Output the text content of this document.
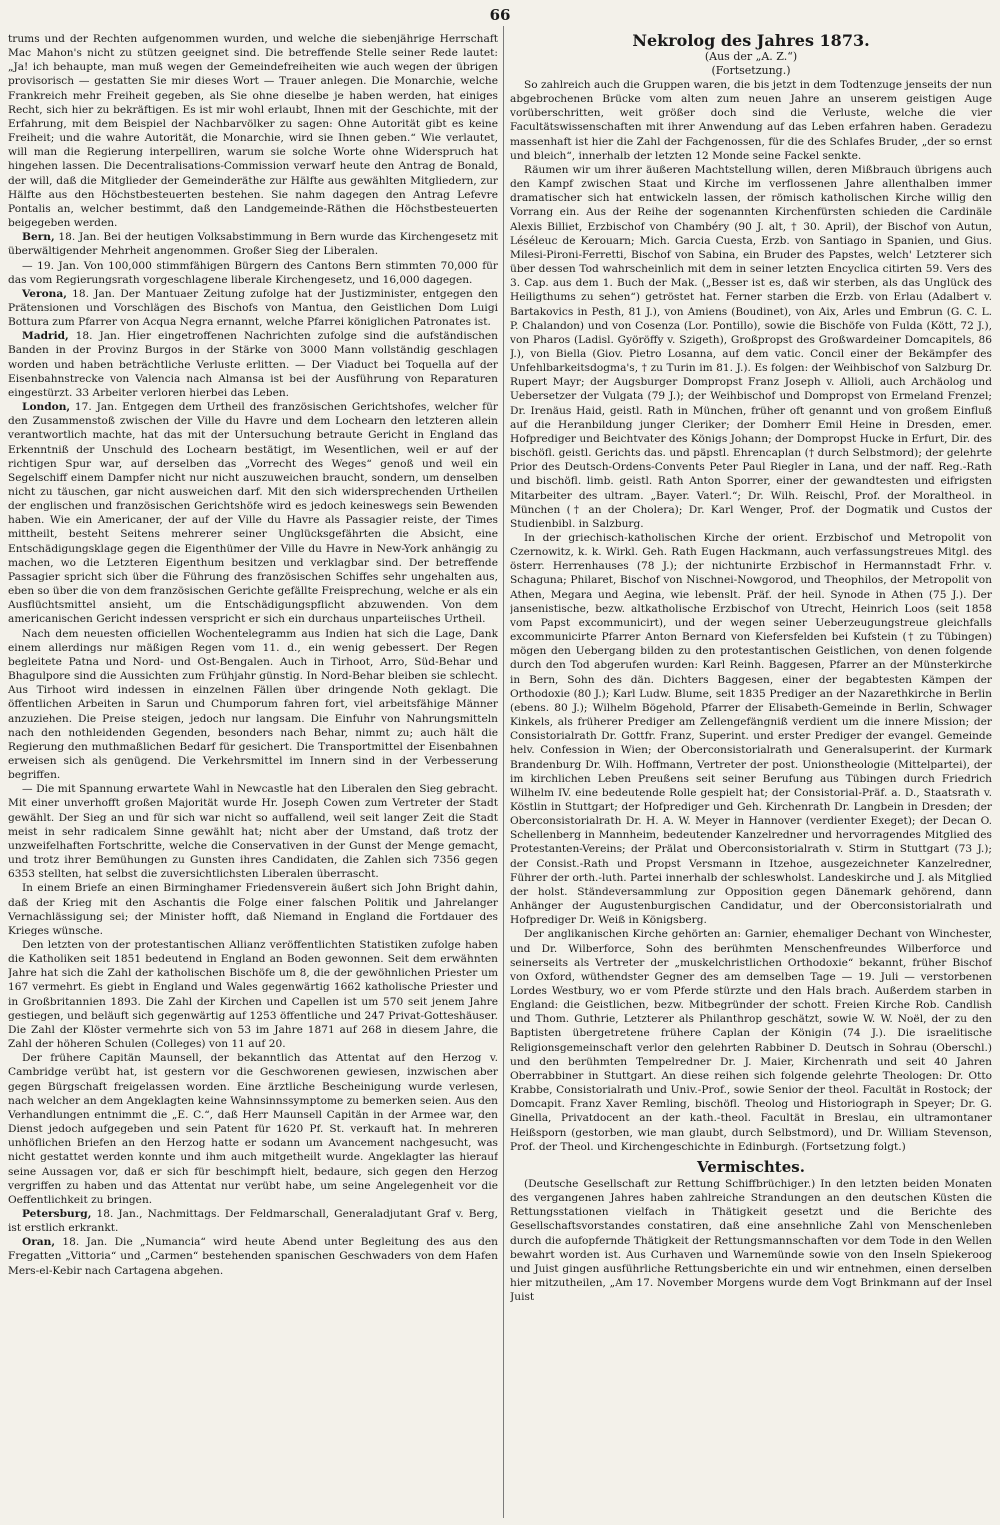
66

trums und der Rechten aufgenommen wurden, und welche die siebenjährige Herrschaft Mac Mahon's nicht zu stützen geeignet sind. Die betreffende Stelle seiner Rede lautet: „Ja! ich behaupte, man muß wegen der Gemeindefreiheiten wie auch wegen der übrigen provisorisch — gestatten Sie mir dieses Wort — Trauer anlegen. Die Monarchie, welche Frankreich mehr Freiheit gegeben, als Sie ohne dieselbe je haben werden, hat einiges Recht, sich hier zu bekräftigen. Es ist mir wohl erlaubt, Ihnen mit der Geschichte, mit der Erfahrung, mit dem Beispiel der Nachbarvölker zu sagen: Ohne Autorität gibt es keine Freiheit; und die wahre Autorität, die Monarchie, wird sie Ihnen geben.“ Wie verlautet, will man die Regierung interpelliren, warum sie solche Worte ohne Widerspruch hat hingehen lassen. Die Decentralisations-Commission verwarf heute den Antrag de Bonald, der will, daß die Mitglieder der Gemeinderäthe zur Hälfte aus gewählten Mitgliedern, zur Hälfte aus den Höchstbesteuerten bestehen. Sie nahm dagegen den Antrag Lefevre Pontalis an, welcher bestimmt, daß den Landgemeinde-Räthen die Höchstbesteuerten beigegeben werden.

Bern, 18. Jan. Bei der heutigen Volksabstimmung in Bern wurde das Kirchengesetz mit überwältigender Mehrheit angenommen. Großer Sieg der Liberalen.

— 19. Jan. Von 100,000 stimmfähigen Bürgern des Cantons Bern stimmten 70,000 für das vom Regierungsrath vorgeschlagene liberale Kirchengesetz, und 16,000 dagegen.

Verona, 18. Jan. Der Mantuaer Zeitung zufolge hat der Justizminister, entgegen den Prätensionen und Vorschlägen des Bischofs von Mantua, den Geistlichen Dom Luigi Bottura zum Pfarrer von Acqua Negra ernannt, welche Pfarrei königlichen Patronates ist.

Madrid, 18. Jan. Hier eingetroffenen Nachrichten zufolge sind die aufständischen Banden in der Provinz Burgos in der Stärke von 3000 Mann vollständig geschlagen worden und haben beträchtliche Verluste erlitten. — Der Viaduct bei Toquella auf der Eisenbahnstrecke von Valencia nach Almansa ist bei der Ausführung von Reparaturen eingestürzt. 33 Arbeiter verloren hierbei das Leben.

London, 17. Jan. Entgegen dem Urtheil des französischen Gerichtshofes, welcher für den Zusammenstoß zwischen der Ville du Havre und dem Lochearn den letzteren allein verantwortlich machte, hat das mit der Untersuchung betraute Gericht in England das Erkenntniß der Unschuld des Lochearn bestätigt, im Wesentlichen, weil er auf der richtigen Spur war, auf derselben das „Vorrecht des Weges“ genoß und weil ein Segelschiff einem Dampfer nicht nur nicht auszuweichen braucht, sondern, um denselben nicht zu täuschen, gar nicht ausweichen darf. Mit den sich widersprechenden Urtheilen der englischen und französischen Gerichtshöfe wird es jedoch keineswegs sein Bewenden haben. Wie ein Americaner, der auf der Ville du Havre als Passagier reiste, der Times mittheilt, besteht Seitens mehrerer seiner Unglücksgefährten die Absicht, eine Entschädigungsklage gegen die Eigenthümer der Ville du Havre in New-York anhängig zu machen, wo die Letzteren Eigenthum besitzen und verklagbar sind. Der betreffende Passagier spricht sich über die Führung des französischen Schiffes sehr ungehalten aus, eben so über die von dem französischen Gerichte gefällte Freisprechung, welche er als ein Ausflüchtsmittel ansieht, um die Entschädigungspflicht abzuwenden. Von dem americanischen Gericht indessen verspricht er sich ein durchaus unparteiisches Urtheil.

Nach dem neuesten officiellen Wochentelegramm aus Indien hat sich die Lage, Dank einem allerdings nur mäßigen Regen vom 11. d., ein wenig gebessert. Der Regen begleitete Patna und Nord- und Ost-Bengalen. Auch in Tirhoot, Arro, Süd-Behar und Bhagulpore sind die Aussichten zum Frühjahr günstig. In Nord-Behar bleiben sie schlecht. Aus Tirhoot wird indessen in einzelnen Fällen über dringende Noth geklagt. Die öffentlichen Arbeiten in Sarun und Chumporum fahren fort, viel arbeitsfähige Männer anzuziehen. Die Preise steigen, jedoch nur langsam. Die Einfuhr von Nahrungsmitteln nach den nothleidenden Gegenden, besonders nach Behar, nimmt zu; auch hält die Regierung den muthmaßlichen Bedarf für gesichert. Die Transportmittel der Eisenbahnen erweisen sich als genügend. Die Verkehrsmittel im Innern sind in der Verbesserung begriffen.

— Die mit Spannung erwartete Wahl in Newcastle hat den Liberalen den Sieg gebracht. Mit einer unverhofft großen Majorität wurde Hr. Joseph Cowen zum Vertreter der Stadt gewählt. Der Sieg an und für sich war nicht so auffallend, weil seit langer Zeit die Stadt meist in sehr radicalem Sinne gewählt hat; nicht aber der Umstand, daß trotz der unzweifelhaften Fortschritte, welche die Conservativen in der Gunst der Menge gemacht, und trotz ihrer Bemühungen zu Gunsten ihres Candidaten, die Zahlen sich 7356 gegen 6353 stellten, hat selbst die zuversichtlichsten Liberalen überrascht.

In einem Briefe an einen Birminghamer Friedensverein äußert sich John Bright dahin, daß der Krieg mit den Aschantis die Folge einer falschen Politik und Jahrelanger Vernachlässigung sei; der Minister hofft, daß Niemand in England die Fortdauer des Krieges wünsche.

Den letzten von der protestantischen Allianz veröffentlichten Statistiken zufolge haben die Katholiken seit 1851 bedeutend in England an Boden gewonnen. Seit dem erwähnten Jahre hat sich die Zahl der katholischen Bischöfe um 8, die der gewöhnlichen Priester um 167 vermehrt. Es giebt in England und Wales gegenwärtig 1662 katholische Priester und in Großbritannien 1893. Die Zahl der Kirchen und Capellen ist um 570 seit jenem Jahre gestiegen, und beläuft sich gegenwärtig auf 1253 öffentliche und 247 Privat-Gotteshäuser. Die Zahl der Klöster vermehrte sich von 53 im Jahre 1871 auf 268 in diesem Jahre, die Zahl der höheren Schulen (Colleges) von 11 auf 20.

Der frühere Capitän Maunsell, der bekanntlich das Attentat auf den Herzog v. Cambridge verübt hat, ist gestern vor die Geschworenen gewiesen, inzwischen aber gegen Bürgschaft freigelassen worden. Eine ärztliche Bescheinigung wurde verlesen, nach welcher an dem Angeklagten keine Wahnsinnssymptome zu bemerken seien. Aus den Verhandlungen entnimmt die „E. C.“, daß Herr Maunsell Capitän in der Armee war, den Dienst jedoch aufgegeben und sein Patent für 1620 Pf. St. verkauft hat. In mehreren unhöflichen Briefen an den Herzog hatte er sodann um Avancement nachgesucht, was nicht gestattet werden konnte und ihm auch mitgetheilt wurde. Angeklagter las hierauf seine Aussagen vor, daß er sich für beschimpft hielt, bedaure, sich gegen den Herzog vergriffen zu haben und das Attentat nur verübt habe, um seine Angelegenheit vor die Oeffentlichkeit zu bringen.

Petersburg, 18. Jan., Nachmittags. Der Feldmarschall, Generaladjutant Graf v. Berg, ist erstlich erkrankt.

Oran, 18. Jan. Die „Numancia“ wird heute Abend unter Begleitung des aus den Fregatten „Vittoria“ und „Carmen“ bestehenden spanischen Geschwaders von dem Hafen Mers-el-Kebir nach Cartagena abgehen.

Nekrolog des Jahres 1873.
(Aus der „A. Z.“)
(Fortsetzung.)

So zahlreich auch die Gruppen waren, die bis jetzt in dem Todtenzuge jenseits der nun abgebrochenen Brücke vom alten zum neuen Jahre an unserem geistigen Auge vorüberschritten, weit größer doch sind die Verluste, welche die vier Facultätswissenschaften mit ihrer Anwendung auf das Leben erfahren haben. Geradezu massenhaft ist hier die Zahl der Fachgenossen, für die des Schlafes Bruder, „der so ernst und bleich“, innerhalb der letzten 12 Monde seine Fackel senkte.

Räumen wir um ihrer äußeren Machtstellung willen, deren Mißbrauch übrigens auch den Kampf zwischen Staat und Kirche im verflossenen Jahre allenthalben immer dramatischer sich hat entwickeln lassen, der römisch katholischen Kirche willig den Vorrang ein. Aus der Reihe der sogenannten Kirchenfürsten schieden die Cardinäle Alexis Billiet, Erzbischof von Chambéry (90 J. alt, † 30. April), der Bischof von Autun, Léséleuc de Kerouarn; Mich. Garcia Cuesta, Erzb. von Santiago in Spanien, und Gius. Milesi-Pironi-Ferretti, Bischof von Sabina, ein Bruder des Papstes, welch' Letzterer sich über dessen Tod wahrscheinlich mit dem in seiner letzten Encyclica citirten 59. Vers des 3. Cap. aus dem 1. Buch der Mak. („Besser ist es, daß wir sterben, als das Unglück des Heiligthums zu sehen“) getröstet hat. Ferner starben die Erzb. von Erlau (Adalbert v. Bartakovics in Pesth, 81 J.), von Amiens (Boudinet), von Aix, Arles und Embrun (G. C. L. P. Chalandon) und von Cosenza (Lor. Pontillo), sowie die Bischöfe von Fulda (Kött, 72 J.), von Pharos (Ladisl. Györöffy v. Szigeth), Großpropst des Großwardeiner Domcapitels, 86 J.), von Biella (Giov. Pietro Losanna, auf dem vatic. Concil einer der Bekämpfer des Unfehlbarkeitsdogma's, † zu Turin im 81. J.). Es folgen: der Weihbischof von Salzburg Dr. Rupert Mayr; der Augsburger Dompropst Franz Joseph v. Allioli, auch Archäolog und Uebersetzer der Vulgata (79 J.); der Weihbischof und Dompropst von Ermeland Frenzel; Dr. Irenäus Haid, geistl. Rath in München, früher oft genannt und von großem Einfluß auf die Heranbildung junger Cleriker; der Domherr Emil Heine in Dresden, emer. Hofprediger und Beichtvater des Königs Johann; der Dompropst Hucke in Erfurt, Dir. des bischöfl. geistl. Gerichts das. und päpstl. Ehrencaplan († durch Selbstmord); der gelehrte Prior des Deutsch-Ordens-Convents Peter Paul Riegler in Lana, und der naff. Reg.-Rath und bischöfl. limb. geistl. Rath Anton Sporrer, einer der gewandtesten und eifrigsten Mitarbeiter des ultram. „Bayer. Vaterl.“; Dr. Wilh. Reischl, Prof. der Moraltheol. in München († an der Cholera); Dr. Karl Wenger, Prof. der Dogmatik und Custos der Studienbibl. in Salzburg.

In der griechisch-katholischen Kirche der orient. Erzbischof und Metropolit von Czernowitz, k. k. Wirkl. Geh. Rath Eugen Hackmann, auch verfassungstreues Mitgl. des österr. Herrenhauses (78 J.); der nichtunirte Erzbischof in Hermannstadt Frhr. v. Schaguna; Philaret, Bischof von Nischnei-Nowgorod, und Theophilos, der Metropolit von Athen, Megara und Aegina, wie lebenslt. Präf. der heil. Synode in Athen (75 J.). Der jansenistische, bezw. altkatholische Erzbischof von Utrecht, Heinrich Loos (seit 1858 vom Papst excommunicirt), und der wegen seiner Ueberzeugungstreue gleichfalls excommunicirte Pfarrer Anton Bernard von Kiefersfelden bei Kufstein († zu Tübingen) mögen den Uebergang bilden zu den protestantischen Geistlichen, von denen folgende durch den Tod abgerufen wurden: Karl Reinh. Baggesen, Pfarrer an der Münsterkirche in Bern, Sohn des dän. Dichters Baggesen, einer der begabtesten Kämpen der Orthodoxie (80 J.); Karl Ludw. Blume, seit 1835 Prediger an der Nazarethkirche in Berlin (ebens. 80 J.); Wilhelm Bögehold, Pfarrer der Elisabeth-Gemeinde in Berlin, Schwager Kinkels, als früherer Prediger am Zellengefängniß verdient um die innere Mission; der Consistorialrath Dr. Gottfr. Franz, Superint. und erster Prediger der evangel. Gemeinde helv. Confession in Wien; der Oberconsistorialrath und Generalsuperint. der Kurmark Brandenburg Dr. Wilh. Hoffmann, Vertreter der post. Unionstheologie (Mittelpartei), der im kirchlichen Leben Preußens seit seiner Berufung aus Tübingen durch Friedrich Wilhelm IV. eine bedeutende Rolle gespielt hat; der Consistorial-Präf. a. D., Staatsrath v. Köstlin in Stuttgart; der Hofprediger und Geh. Kirchenrath Dr. Langbein in Dresden; der Oberconsistorialrath Dr. H. A. W. Meyer in Hannover (verdienter Exeget); der Decan O. Schellenberg in Mannheim, bedeutender Kanzelredner und hervorragendes Mitglied des Protestanten-Vereins; der Prälat und Oberconsistorialrath v. Stirm in Stuttgart (73 J.); der Consist.-Rath und Propst Versmann in Itzehoe, ausgezeichneter Kanzelredner, Führer der orth.-luth. Partei innerhalb der schleswholst. Landeskirche und J. als Mitglied der holst. Ständeversammlung zur Opposition gegen Dänemark gehörend, dann Anhänger der Augustenburgischen Candidatur, und der Oberconsistorialrath und Hofprediger Dr. Weiß in Königsberg.

Der anglikanischen Kirche gehörten an: Garnier, ehemaliger Dechant von Winchester, und Dr. Wilberforce, Sohn des berühmten Menschenfreundes Wilberforce und seinerseits als Vertreter der „muskelchristlichen Orthodoxie“ bekannt, früher Bischof von Oxford, wüthendster Gegner des am demselben Tage — 19. Juli — verstorbenen Lordes Westbury, wo er vom Pferde stürzte und den Hals brach. Außerdem starben in England: die Geistlichen, bezw. Mitbegründer der schott. Freien Kirche Rob. Candlish und Thom. Guthrie, Letzterer als Philanthrop geschätzt, sowie W. W. Noël, der zu den Baptisten übergetretene frühere Caplan der Königin (74 J.). Die israelitische Religionsgemeinschaft verlor den gelehrten Rabbiner D. Deutsch in Sohrau (Oberschl.) und den berühmten Tempelredner Dr. J. Maier, Kirchenrath und seit 40 Jahren Oberrabbiner in Stuttgart. An diese reihen sich folgende gelehrte Theologen: Dr. Otto Krabbe, Consistorialrath und Univ.-Prof., sowie Senior der theol. Facultät in Rostock; der Domcapit. Franz Xaver Remling, bischöfl. Theolog und Historiograph in Speyer; Dr. G. Ginella, Privatdocent an der kath.-theol. Facultät in Breslau, ein ultramontaner Heißsporn (gestorben, wie man glaubt, durch Selbstmord), und Dr. William Stevenson, Prof. der Theol. und Kirchengeschichte in Edinburgh. (Fortsetzung folgt.)

Vermischtes.

(Deutsche Gesellschaft zur Rettung Schiffbrüchiger.) In den letzten beiden Monaten des vergangenen Jahres haben zahlreiche Strandungen an den deutschen Küsten die Rettungsstationen vielfach in Thätigkeit gesetzt und die Berichte des Gesellschaftsvorstandes constatiren, daß eine ansehnliche Zahl von Menschenleben durch die aufopfernde Thätigkeit der Rettungsmannschaften vor dem Tode in den Wellen bewahrt worden ist. Aus Curhaven und Warnemünde sowie von den Inseln Spiekeroog und Juist gingen ausführliche Rettungsberichte ein und wir entnehmen, einen derselben hier mitzutheilen, „Am 17. November Morgens wurde dem Vogt Brinkmann auf der Insel Juist
